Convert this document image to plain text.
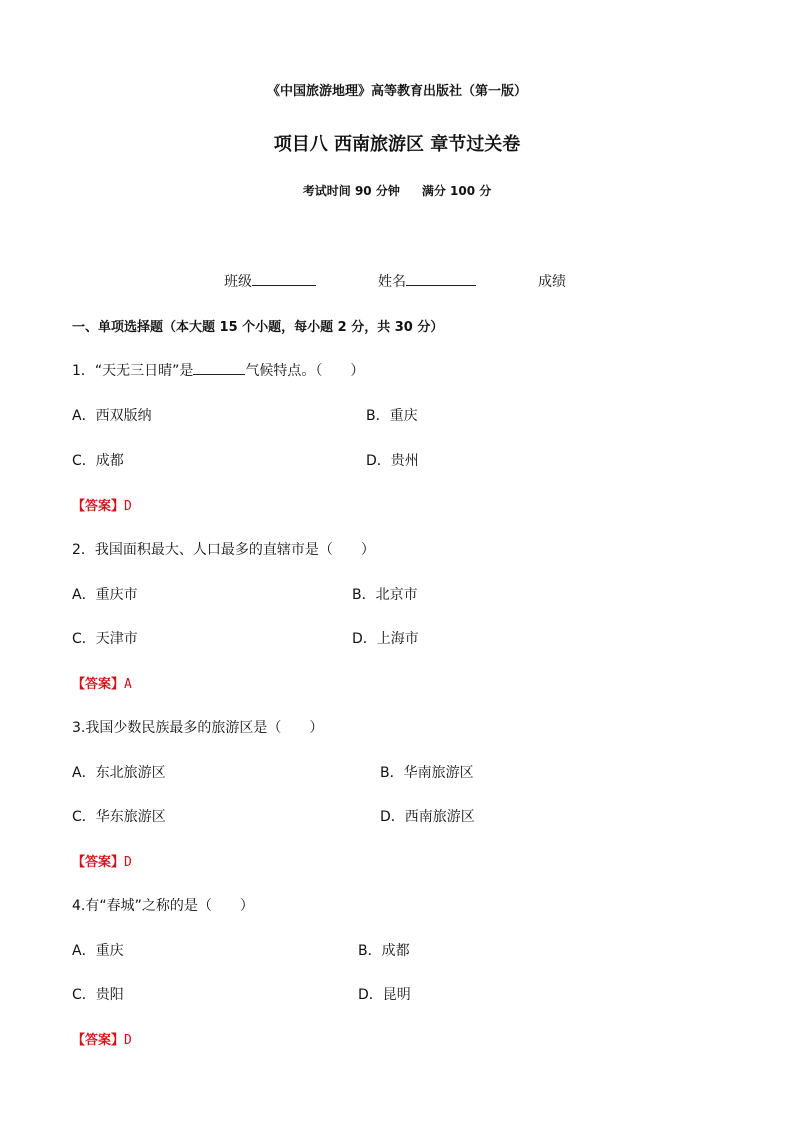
《中国旅游地理》高等教育出版社（第一版）
项目八 西南旅游区 章节过关卷
考试时间 90 分钟 满分 100 分
班级	姓名	成绩
一、单项选择题（本大题 15 个小题，每小题 2 分，共 30 分）
1．“天无三日晴”是	气候特点。（　　）
A．西双版纳	B．重庆
C．成都	D．贵州
【答案】D
2．我国面积最大、人口最多的直辖市是（　　）
A．重庆市	B．北京市
C．天津市	D．上海市
【答案】A
3.我国少数民族最多的旅游区是（　　）
A．东北旅游区	B．华南旅游区
C．华东旅游区	D．西南旅游区
【答案】D
4.有“春城”之称的是（　　）
A．重庆	B．成都
C．贵阳	D．昆明
【答案】D
